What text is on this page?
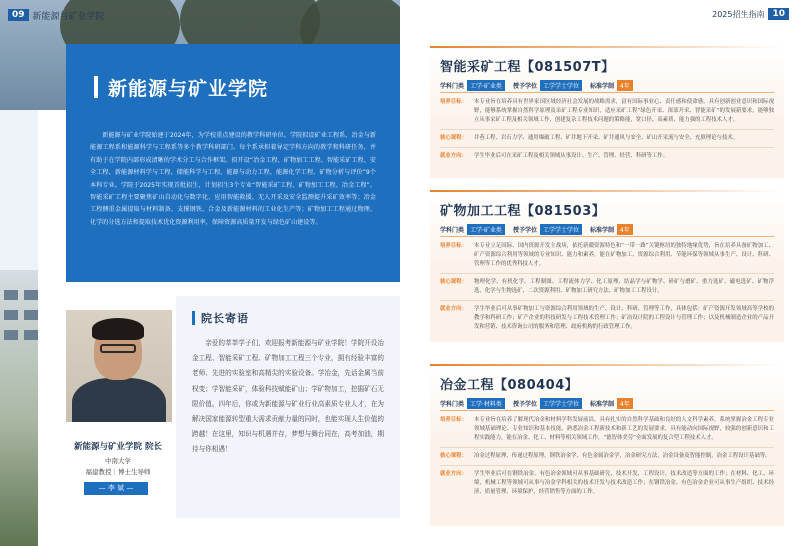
09 新能源与矿业学院
新能源与矿业学院

新能源与矿业学院始建于2024年，为学校重点建设的教学科研单位。学院拟设矿业工程系、冶金与新能源工程系和能源科学与工程系等多个教学科研部门。每个系承担着导定学科方向的教学和科研任务，并有助于在学院内部形成清晰的学术分工与合作框架。拟开设“冶金工程、矿物加工工程、智能采矿工程、安全工程、新能源材料学与工程、储能科学与工程、能源与动力工程、能源化学工程、矿物分析与评价”9个本科专业。学院于2025年实现首批招生，计划招生3个专业“智能采矿工程、矿物加工工程、冶金工程”。智能采矿工程主要聚焦矿山自动化与数字化、应用智能救援、无人开采及安全监测提升采矿效率等；冶金工程侧重金属提取与材料制备、支撑钢铁、合金及新能源材料的工业化生产等；矿物加工工程通过物理、化学的分选方法和提取技术优化资源利用率，保障资源高质量开发与绿色矿山建设等。

新能源与矿业学院 院长
中南大学
福建教授｜博士生导师
— 李 斌 —
院长寄语

亲爱的莘莘学子们，欢迎报考新能源与矿业学院！学院开设冶金工程、智能采矿工程、矿物加工工程三个专业，拥有经验丰富的老师、先进的实验室和高精尖的实验设备。学冶金，先话金属当前权变；学智能采矿，体验科技赋能矿山；学矿物加工，挖掘矿石无限价值。四年后，你或为新能源与矿业行业高素质专业人才，在为解决国家能源转型重大需求贡献力量的同时，也能实现人生价值的跨越！在这里，知识与机遇并存，梦想与舞台同在，高考加油，期待与你相遇！

2025招生指南 10
智能采矿工程【081507T】
学科门类	工学·矿业类	授予学位	工学学士学位	标准学制	4年
培养目标：	本专业旨在培养具有世界家国区域经济社会发展的战略需求，富有国际事业心、责任感和使命感，具有创新创业意识和国际视野，能够系统掌握自然科学原理及采矿工程专业知识，适应采矿工程“绿色开采、深部开采、智能采矿”的发展新要求，能够独立从事采矿工程及相关领域工作，创建复杂工程技术问题的策略能，宽口径、高素质、能力强的工程技术人才。
核心课程：	井巷工程、岩石力学、通用爆破工程、矿井地下开采、矿井通风与安全、矿山开采流与安全、充填理论与技术。
就业方向：	学生毕业后可在采矿工程及相关领域从事设计、生产、管理、经营、科研等工作。
矿物加工工程【081503】
学科门类	工学·矿业类	授予学位	工学学士学位	标准学制	4年
培养目标：	本专业立足国际、国内资源开发主战场，依托新疆资源特色和“一带一路”关键枢纽的独特地缘优势，旨在培养具备矿物加工、矿产资源综合利用等领域的专业知识、能力和素养，能在矿物加工、资源综合利用、节能环保等领域从事生产、设计、科研、管理等工作的优秀科技人才。
核心课程：	物理化学、有机化学、工程制图、工程流体力学、化工原理、结晶学与矿物学、碎矿与磨矿、重力选矿、磁电选矿、矿物浮选、化学与生物选矿、二次资源利用、矿物加工研究方法、矿物加工工程设计。
就业方向：	学生毕业后可从事矿物加工与资源综合利用领域的生产、设计、科研、管理等工作，具体包括：矿产资源开发领域高等学校的教学和科研工作；矿产企业的科技研发与工程技术管理工作；矿冶设计院的工程设计与管理工作；以及机械制造企业的产品开发和营销、技术咨询公司的服务和管理、政府机构的行政管理工作。
冶金工程【080404】
学科门类	工学·材料类	授予学位	工学学士学位	标准学制	4年
培养目标：	本专业旨在培养了解现代冶金和材料学科发展前沿，具有扎实的自然科学基础和良好的人文科学素养，系统掌握冶金工程专业领域基础理论、专业知识和基本技能，熟悉冶金工程新技术和新工艺的发展要求，具有能动向国际视野，较强的创新意识和工程实践能力，能在冶金、化工、材料等相关领域工作，“德智体美劳”全面发展的复合型工程技术人才。
核心课程：	冶金过程原理，传递过程原理，钢铁冶金学，有色金属冶金学，冶金研究方法，冶金设备及智能控制，冶金工程设计基础等。
就业方向：	学生毕业后可在钢铁冶金、有色冶金领域可从事基础研究、技术开发、工程设计，技术改造等方面的工作；在材料、化工、环境、机械工程等领域可从事与冶金学科相关的技术开发与技术改造工作；在钢铁冶金、有色冶金企业可从事生产组织、技术经济、质量管理、环境保护、经营销售等方面的工作。
